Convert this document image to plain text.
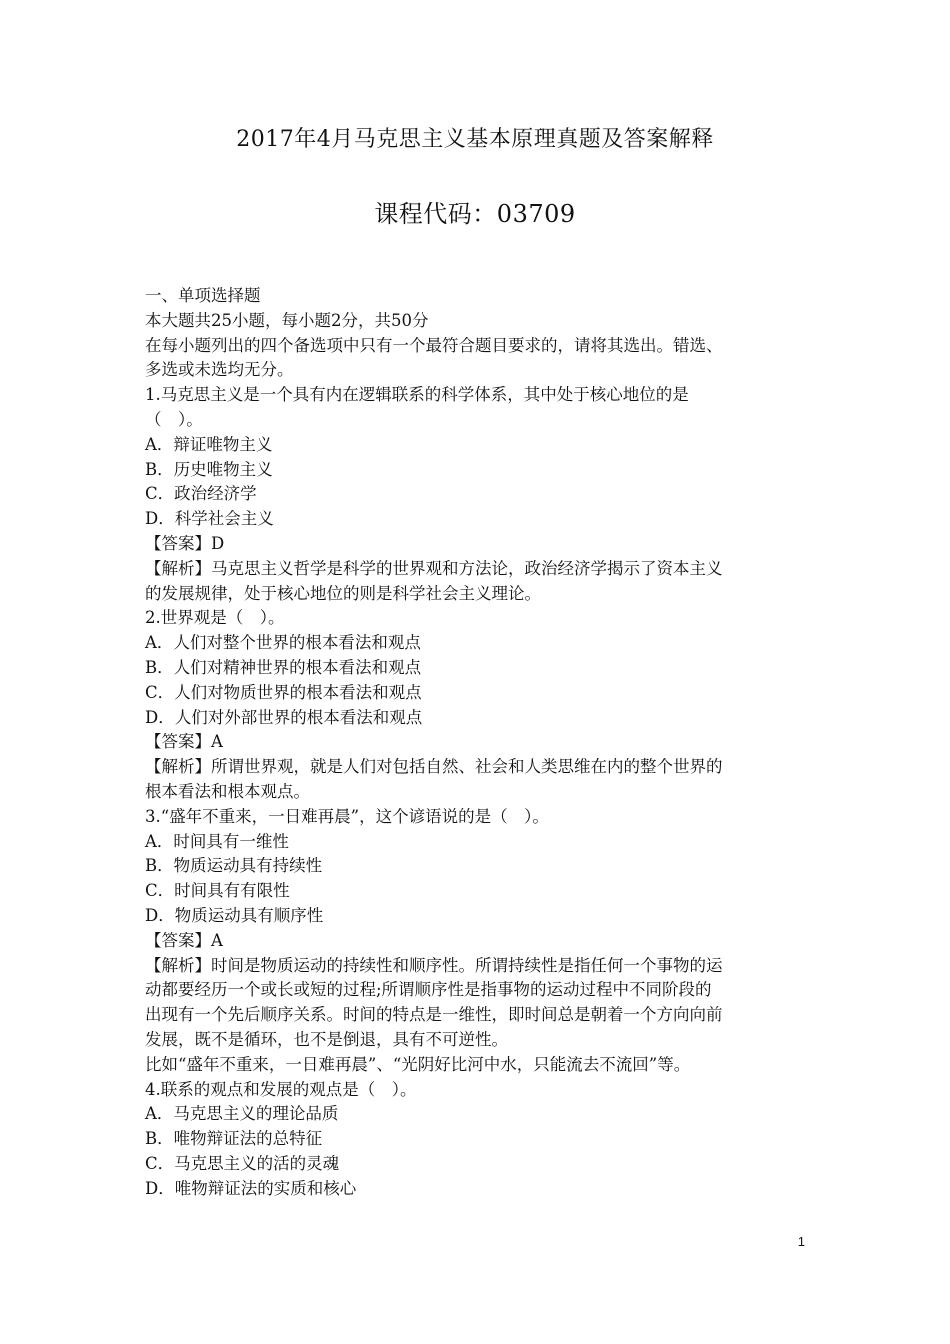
2017年4月马克思主义基本原理真题及答案解释
课程代码：03709
一、单项选择题
本大题共25小题，每小题2分，共50分
在每小题列出的四个备选项中只有一个最符合题目要求的，请将其选出。错选、
多选或未选均无分。
1.马克思主义是一个具有内在逻辑联系的科学体系，其中处于核心地位的是
（　）。
A．辩证唯物主义
B．历史唯物主义
C．政治经济学
D．科学社会主义
【答案】D
【解析】马克思主义哲学是科学的世界观和方法论，政治经济学揭示了资本主义
的发展规律，处于核心地位的则是科学社会主义理论。
2.世界观是（　）。
A．人们对整个世界的根本看法和观点
B．人们对精神世界的根本看法和观点
C．人们对物质世界的根本看法和观点
D．人们对外部世界的根本看法和观点
【答案】A
【解析】所谓世界观，就是人们对包括自然、社会和人类思维在内的整个世界的
根本看法和根本观点。
3.“盛年不重来，一日难再晨”，这个谚语说的是（　）。
A．时间具有一维性
B．物质运动具有持续性
C．时间具有有限性
D．物质运动具有顺序性
【答案】A
【解析】时间是物质运动的持续性和顺序性。所谓持续性是指任何一个事物的运
动都要经历一个或长或短的过程;所谓顺序性是指事物的运动过程中不同阶段的
出现有一个先后顺序关系。时间的特点是一维性，即时间总是朝着一个方向向前
发展，既不是循环，也不是倒退，具有不可逆性。
比如“盛年不重来，一日难再晨”、“光阴好比河中水，只能流去不流回”等。
4.联系的观点和发展的观点是（　）。
A．马克思主义的理论品质
B．唯物辩证法的总特征
C．马克思主义的活的灵魂
D．唯物辩证法的实质和核心
1
